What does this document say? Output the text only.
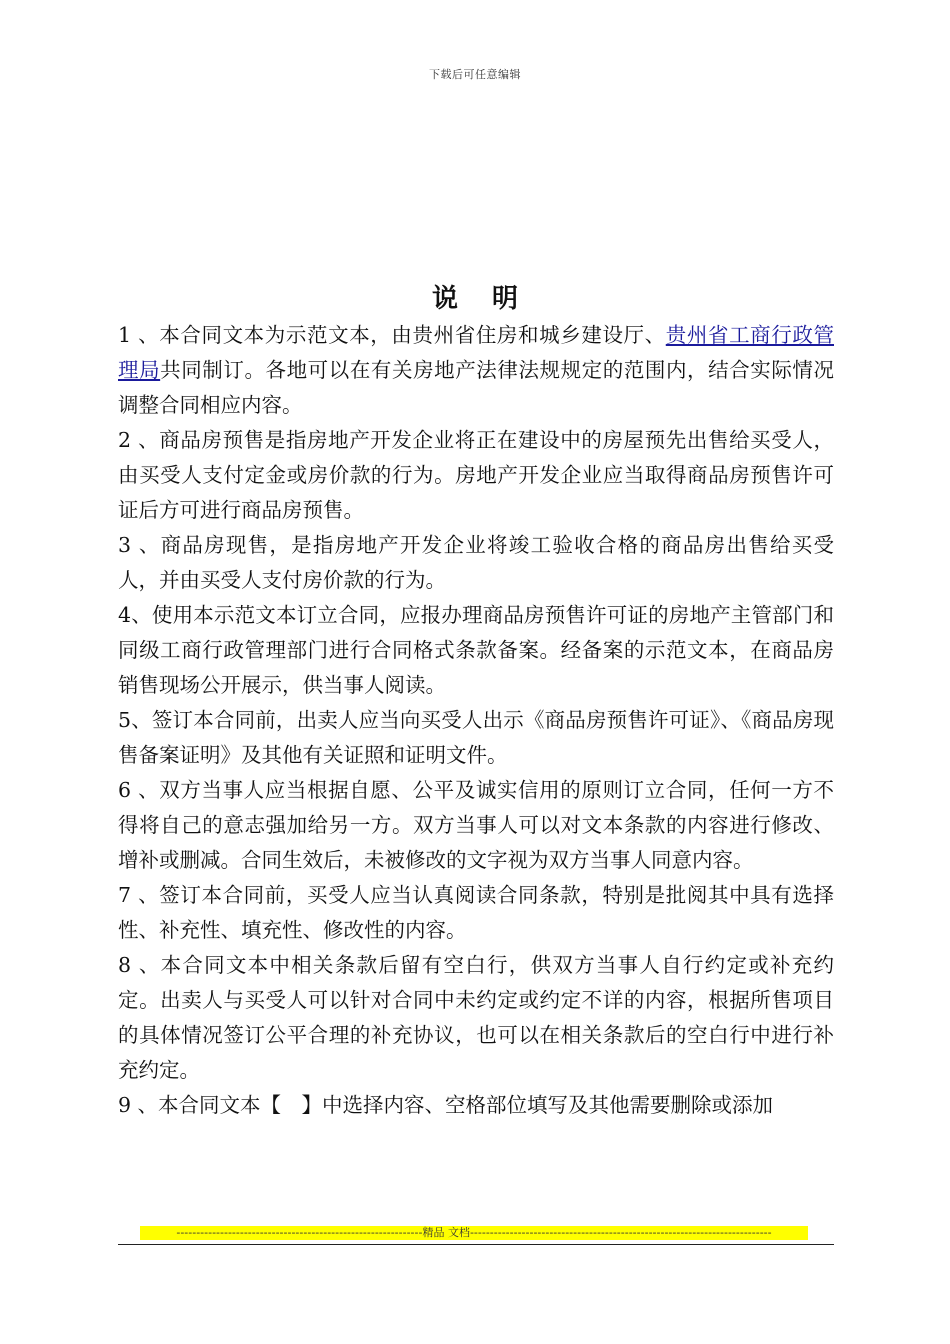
下载后可任意编辑
说明

1 、本合同文本为示范文本，由贵州省住房和城乡建设厅、贵州省工商行政管理局共同制订。各地可以在有关房地产法律法规规定的范围内，结合实际情况调整合同相应内容。

2 、商品房预售是指房地产开发企业将正在建设中的房屋预先出售给买受人，由买受人支付定金或房价款的行为。房地产开发企业应当取得商品房预售许可证后方可进行商品房预售。

3 、商品房现售，是指房地产开发企业将竣工验收合格的商品房出售给买受人，并由买受人支付房价款的行为。

4、使用本示范文本订立合同，应报办理商品房预售许可证的房地产主管部门和同级工商行政管理部门进行合同格式条款备案。经备案的示范文本，在商品房销售现场公开展示，供当事人阅读。

5、签订本合同前，出卖人应当向买受人出示《商品房预售许可证》、《商品房现售备案证明》及其他有关证照和证明文件。

6 、双方当事人应当根据自愿、公平及诚实信用的原则订立合同，任何一方不得将自己的意志强加给另一方。双方当事人可以对文本条款的内容进行修改、增补或删减。合同生效后，未被修改的文字视为双方当事人同意内容。

7 、签订本合同前，买受人应当认真阅读合同条款，特别是批阅其中具有选择性、补充性、填充性、修改性的内容。

8 、本合同文本中相关条款后留有空白行，供双方当事人自行约定或补充约定。出卖人与买受人可以针对合同中未约定或约定不详的内容，根据所售项目的具体情况签订公平合理的补充协议，也可以在相关条款后的空白行中进行补充约定。

9 、本合同文本【　】中选择内容、空格部位填写及其他需要删除或添加

--------------------------------------------------------------精品 文档----------------------------------------------------------------------------
